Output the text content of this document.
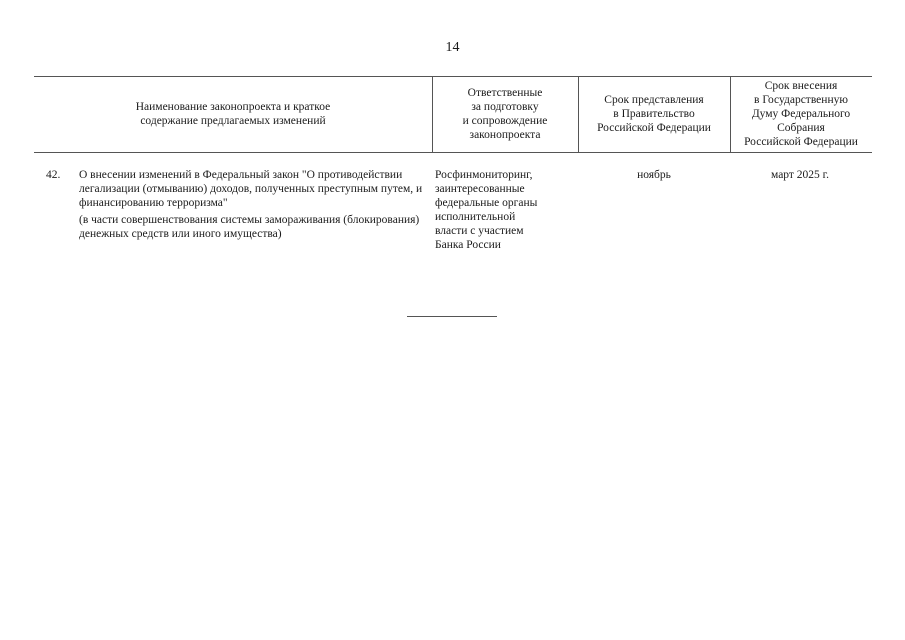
14
Наименование законопроекта и краткое
содержание предлагаемых изменений
Ответственные
за подготовку
и сопровождение
законопроекта
Срок представления
в Правительство
Российской Федерации
Срок внесения
в Государственную
Думу Федерального
Собрания
Российской Федерации
42. О внесении изменений в Федеральный закон "О противодействии легализации (отмыванию) доходов, полученных преступным путем, и финансированию терроризма"
(в части совершенствования системы замораживания (блокирования) денежных средств или иного имущества)
Росфинмониторинг,
заинтересованные
федеральные органы
исполнительной
власти с участием
Банка России
ноябрь	март 2025 г.
